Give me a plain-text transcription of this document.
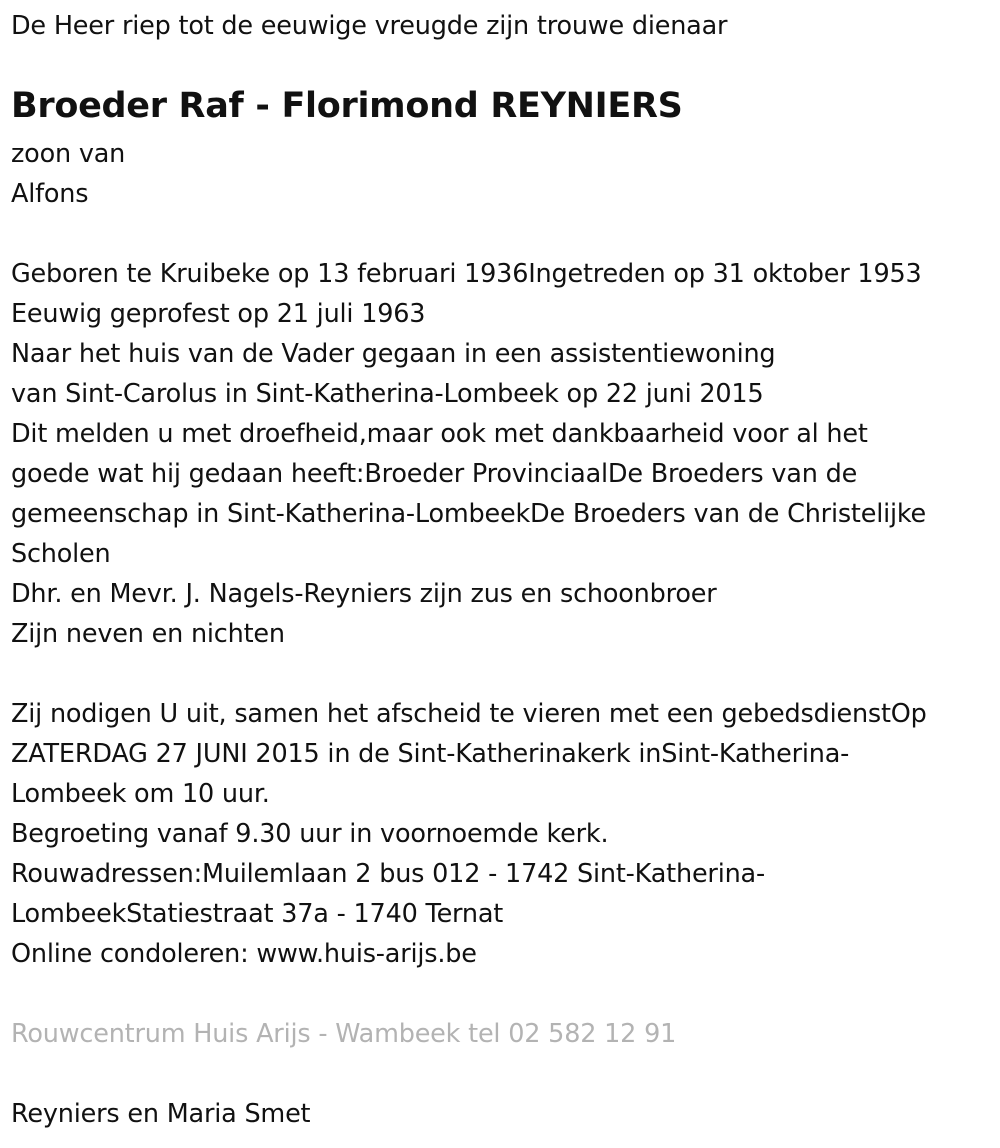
De Heer riep tot de eeuwige vreugde zijn trouwe dienaar
Broeder Raf - Florimond REYNIERS
zoon van
Alfons
Geboren te Kruibeke op 13 februari 1936Ingetreden op 31 oktober 1953
Eeuwig geprofest op 21 juli 1963
Naar het huis van de Vader gegaan in een assistentiewoning
van Sint-Carolus in Sint-Katherina-Lombeek op 22 juni 2015
Dit melden u met droefheid,maar ook met dankbaarheid voor al het
goede wat hij gedaan heeft:Broeder ProvinciaalDe Broeders van de
gemeenschap in Sint-Katherina-LombeekDe Broeders van de Christelijke
Scholen
Dhr. en Mevr. J. Nagels-Reyniers zijn zus en schoonbroer
Zijn neven en nichten
Zij nodigen U uit, samen het afscheid te vieren met een gebedsdienstOp
ZATERDAG 27 JUNI 2015 in de Sint-Katherinakerk inSint-Katherina-
Lombeek om 10 uur.
Begroeting vanaf 9.30 uur in voornoemde kerk.
Rouwadressen:Muilemlaan 2 bus 012 - 1742 Sint-Katherina-
LombeekStatiestraat 37a - 1740 Ternat
Online condoleren: www.huis-arijs.be
Rouwcentrum Huis Arijs - Wambeek tel 02 582 12 91
Reyniers en Maria Smet
